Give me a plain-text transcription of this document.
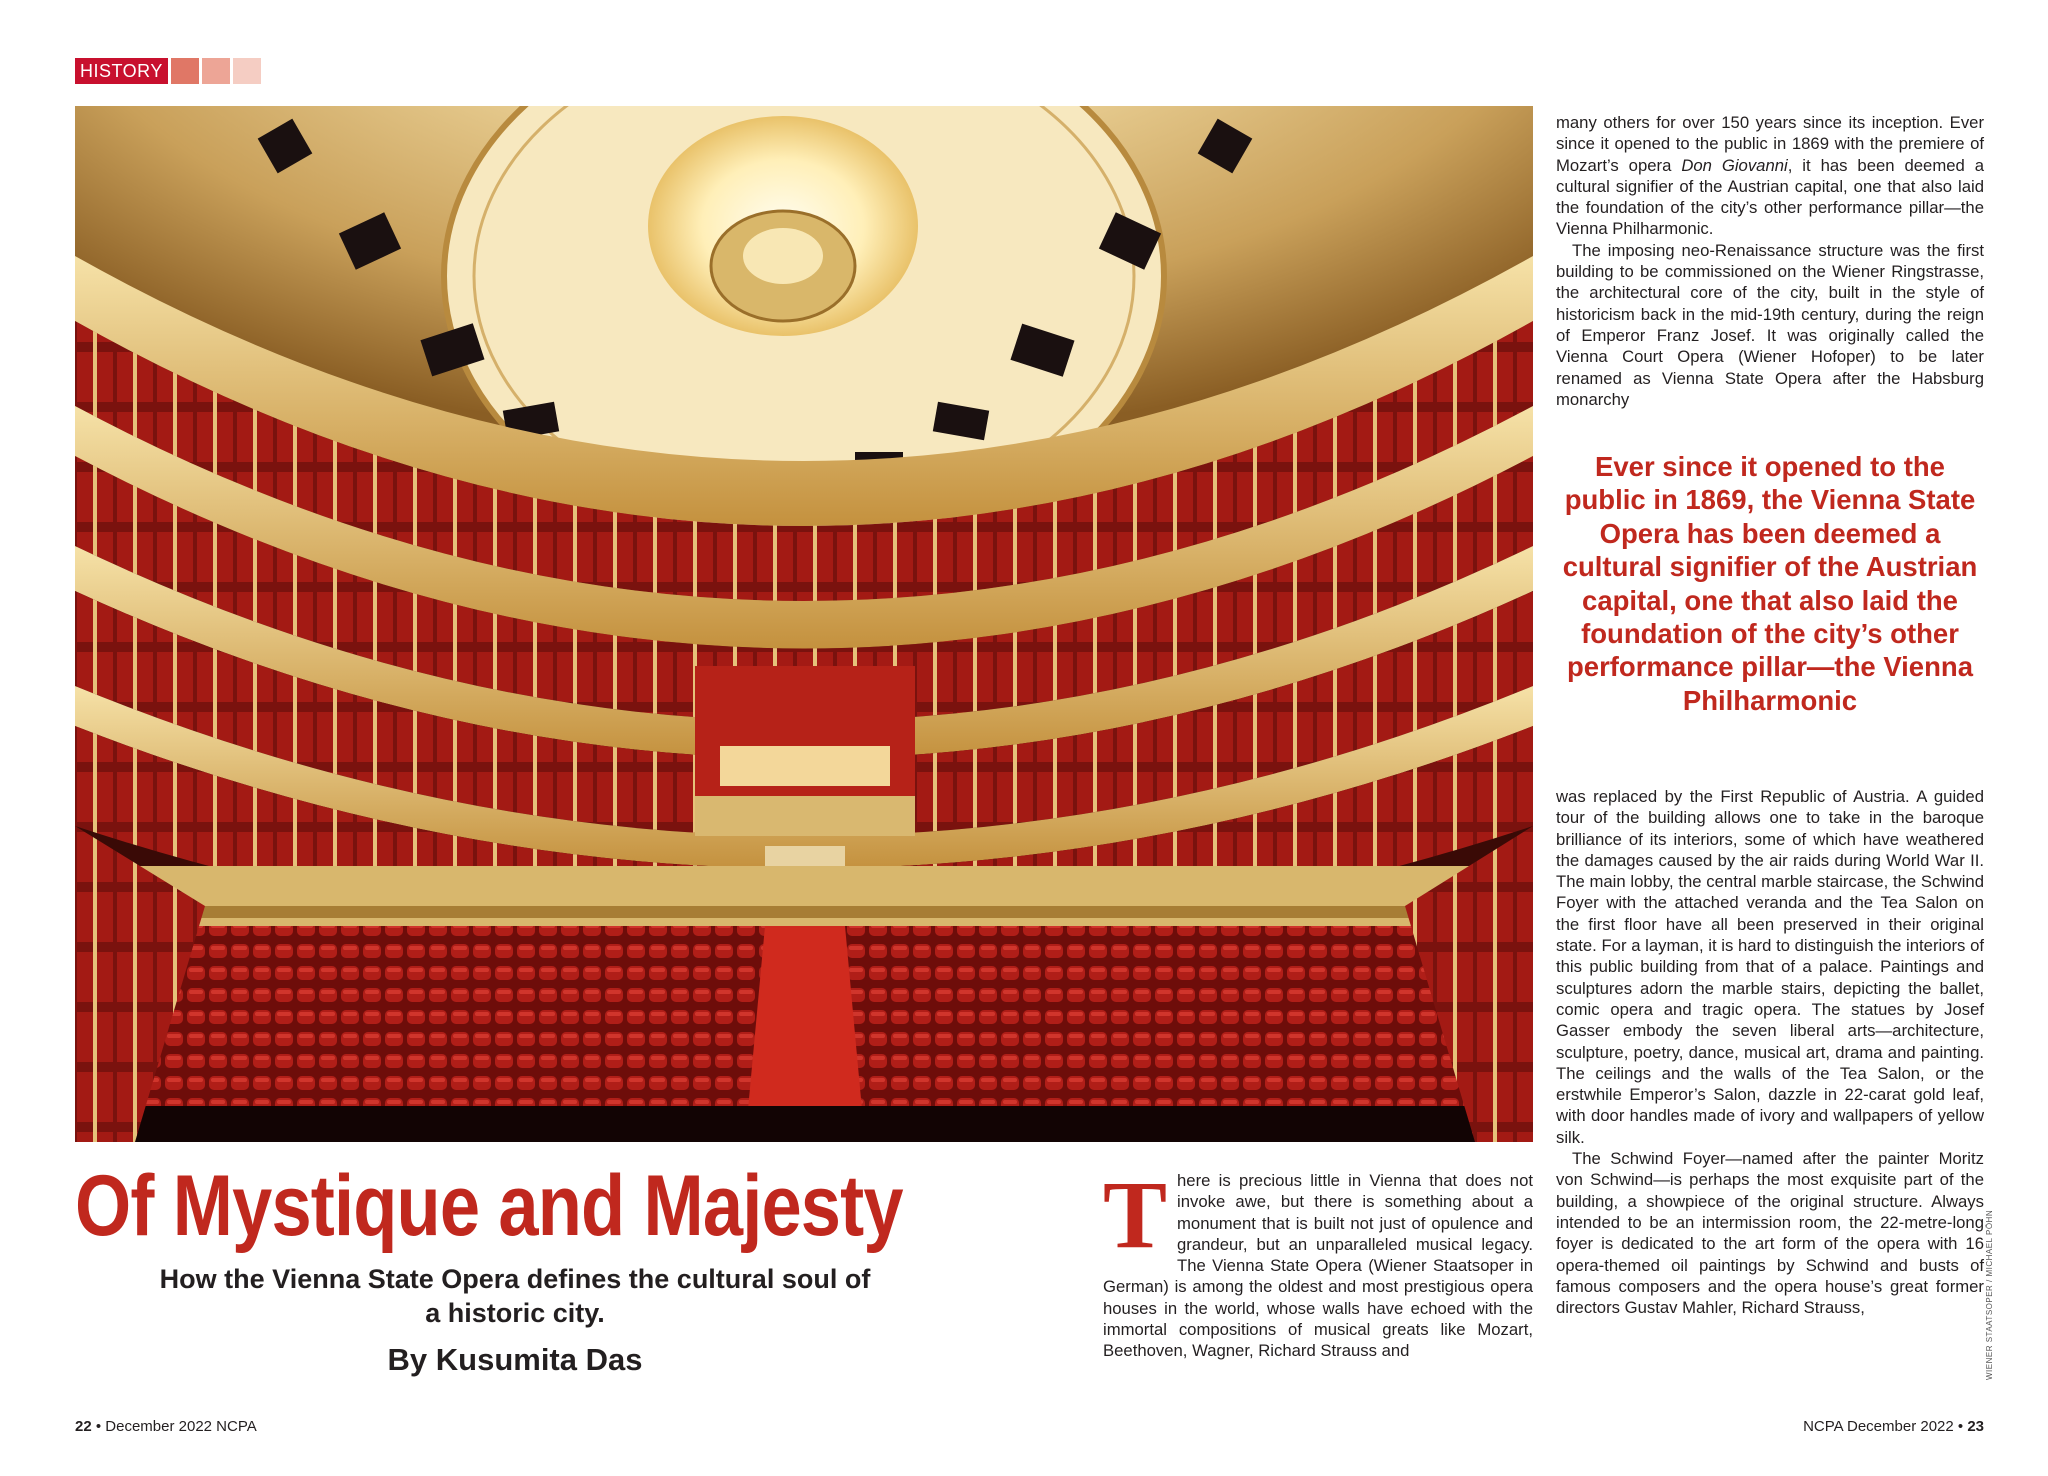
HISTORY
Of Mystique and Majesty

How the Vienna State Opera defines the cultural soul of a historic city.

By Kusumita Das

T here is precious little in Vienna that does not invoke awe, but there is something about a monument that is built not just of opulence and grandeur, but an unparalleled musical legacy. The Vienna State Opera (Wiener Staatsoper in German) is among the oldest and most prestigious opera houses in the world, whose walls have echoed with the immortal compositions of musical greats like Mozart, Beethoven, Wagner, Richard Strauss and

many others for over 150 years since its inception. Ever since it opened to the public in 1869 with the premiere of Mozart’s opera Don Giovanni, it has been deemed a cultural signifier of the Austrian capital, one that also laid the foundation of the city’s other performance pillar—the Vienna Philharmonic.

The imposing neo-Renaissance structure was the first building to be commissioned on the Wiener Ringstrasse, the architectural core of the city, built in the style of historicism back in the mid-19th century, during the reign of Emperor Franz Josef. It was originally called the Vienna Court Opera (Wiener Hofoper) to be later renamed as Vienna State Opera after the Habsburg monarchy

Ever since it opened to the public in 1869, the Vienna State Opera has been deemed a cultural signifier of the Austrian capital, one that also laid the foundation of the city’s other performance pillar—the Vienna Philharmonic

was replaced by the First Republic of Austria. A guided tour of the building allows one to take in the baroque brilliance of its interiors, some of which have weathered the damages caused by the air raids during World War II. The main lobby, the central marble staircase, the Schwind Foyer with the attached veranda and the Tea Salon on the first floor have all been preserved in their original state. For a layman, it is hard to distinguish the interiors of this public building from that of a palace. Paintings and sculptures adorn the marble stairs, depicting the ballet, comic opera and tragic opera. The statues by Josef Gasser embody the seven liberal arts—architecture, sculpture, poetry, dance, musical art, drama and painting. The ceilings and the walls of the Tea Salon, or the erstwhile Emperor’s Salon, dazzle in 22-carat gold leaf, with door handles made of ivory and wallpapers of yellow silk.

The Schwind Foyer—named after the painter Moritz von Schwind—is perhaps the most exquisite part of the building, a showpiece of the original structure. Always intended to be an intermission room, the 22-metre-long foyer is dedicated to the art form of the opera with 16 opera-themed oil paintings by Schwind and busts of famous composers and the opera house’s great former directors Gustav Mahler, Richard Strauss,	WIENER STAATSOPER / MICHAEL PÖHN
22 • December 2022 NCPA	NCPA December 2022 • 23
